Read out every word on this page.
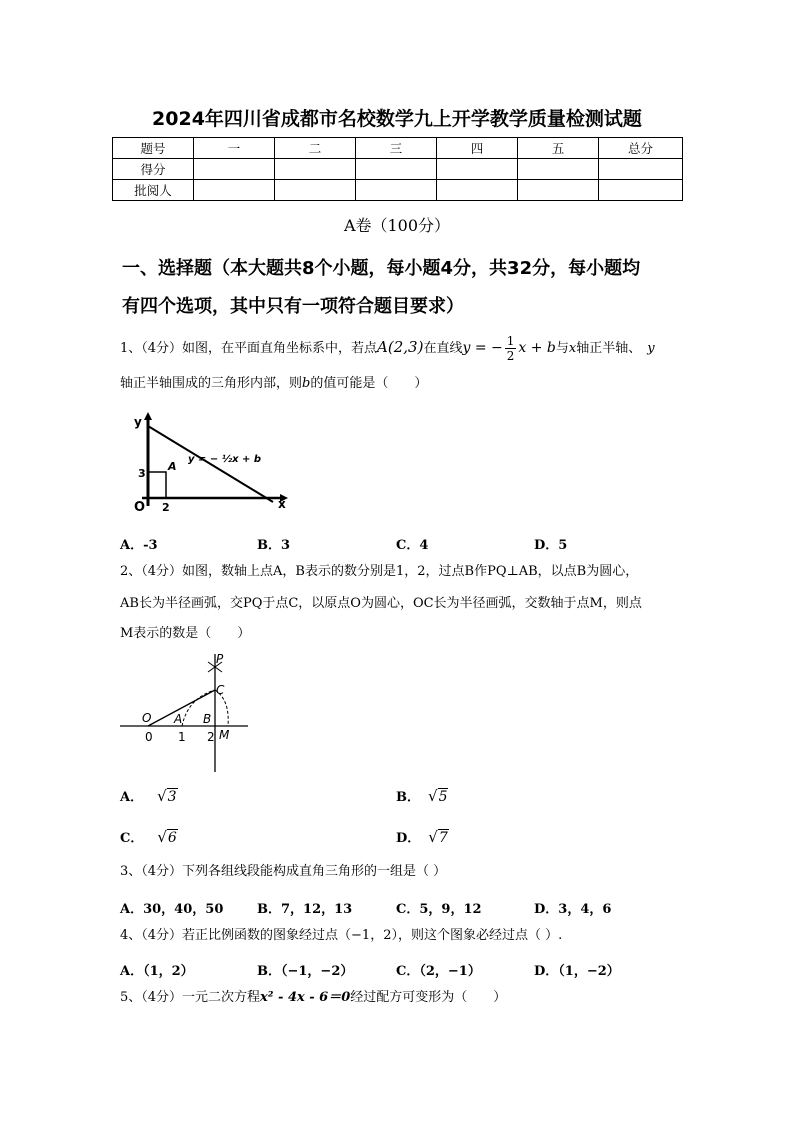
2024年四川省成都市名校数学九上开学教学质量检测试题
题号	一	二	三	四	五	总分
得分						
批阅人						
A卷（100分）
一、选择题（本大题共8个小题，每小题4分，共32分，每小题均
有四个选项，其中只有一项符合题目要求）
1、（4分）如图，在平面直角坐标系中，若点A(2,3)在直线y = − $\frac{1}{2}$ x + b与x轴正半轴、 y
轴正半轴围成的三角形内部，则b的值可能是（　　）
y
x
O
3
2
A
y = − ½x + b
A．-3	B．3	C．4	D．5
2、（4分）如图，数轴上点A，B表示的数分别是1，2，过点B作PQ⊥AB，以点B为圆心，
AB长为半径画弧，交PQ于点C，以原点O为圆心，OC长为半径画弧，交数轴于点M，则点
M表示的数是（　　）
P
C
O A B
M
0 1 2
A． √3	B． √5
C． √6	D． √7
3、（4分）下列各组线段能构成直角三角形的一组是（ ）
A．30，40，50	B．7，12，13	C．5，9，12	D．3，4，6
4、（4分）若正比例函数的图象经过点（−1，2），则这个图象必经过点（ ）.
A．（1，2）	B．（−1，−2）	C．（2，−1）	D．（1，−2）
5、（4分）一元二次方程x² - 4x - 6＝0经过配方可变形为（　　）
